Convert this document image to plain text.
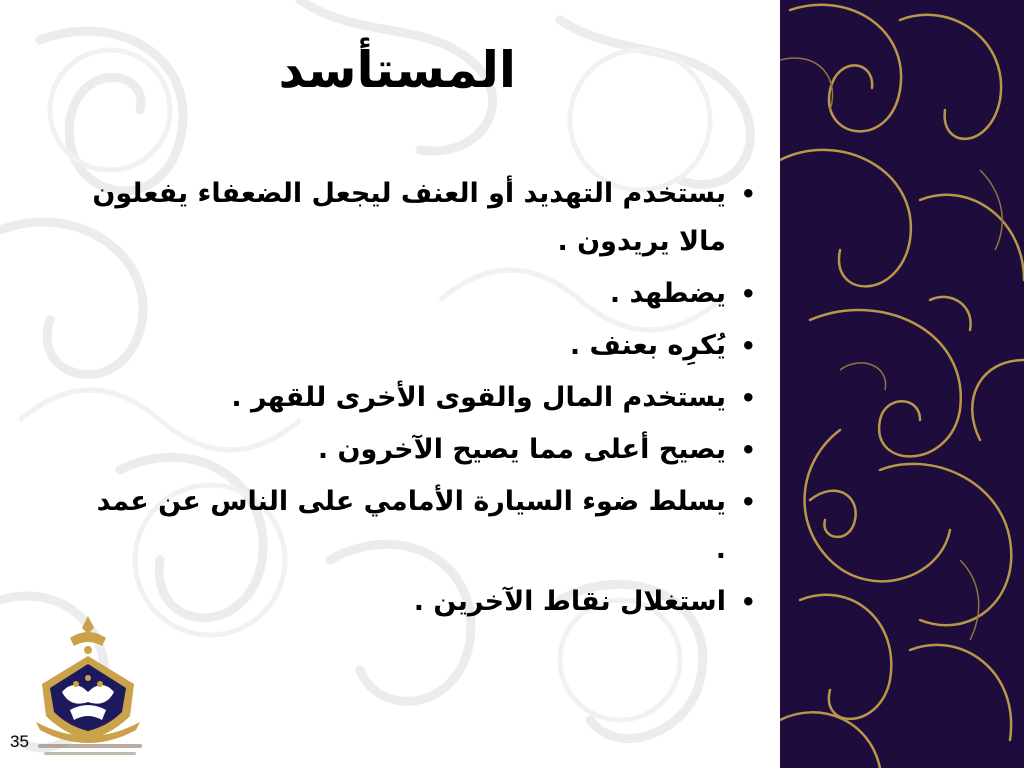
المستأسد
•
يستخدم التهديد أو العنف ليجعل الضعفاء يفعلون مالا يريدون .
•
يضطهد .
•
يُكرِه بعنف .
•
يستخدم المال والقوى الأخرى للقهر .
•
يصيح أعلى مما يصيح الآخرون .
•
يسلط ضوء السيارة الأمامي على الناس عن عمد .
•
استغلال نقاط الآخرين .
35
